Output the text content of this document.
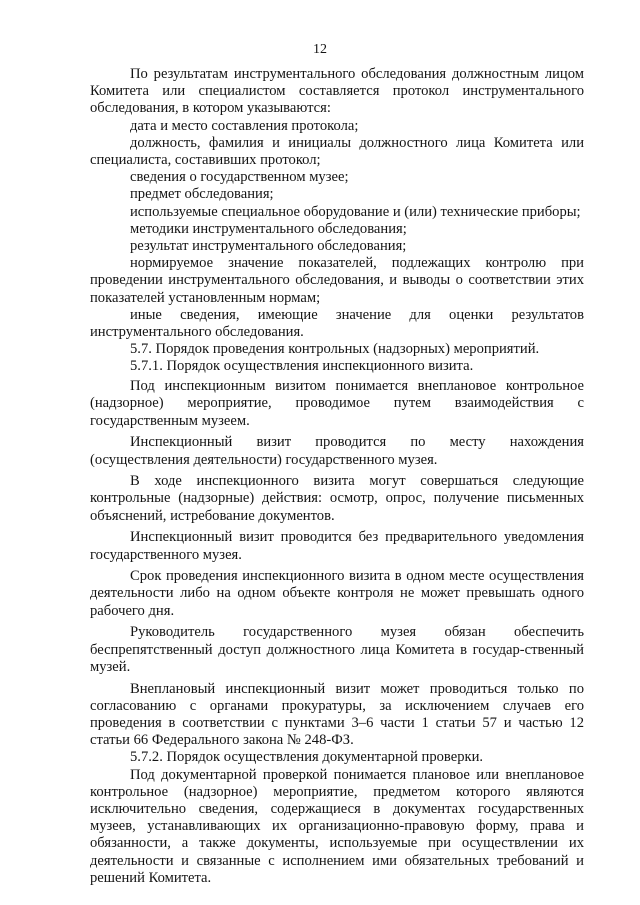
12

По результатам инструментального обследования должностным лицом Комитета или специалистом составляется протокол инструментального обследования, в котором указываются:

дата и место составления протокола;

должность, фамилия и инициалы должностного лица Комитета или специалиста, составивших протокол;

сведения о государственном музее;

предмет обследования;

используемые специальное оборудование и (или) технические приборы;

методики инструментального обследования;

результат инструментального обследования;

нормируемое значение показателей, подлежащих контролю при проведении инструментального обследования, и выводы о соответствии этих показателей установленным нормам;

иные сведения, имеющие значение для оценки результатов инструментального обследования.

5.7. Порядок проведения контрольных (надзорных) мероприятий.

5.7.1. Порядок осуществления инспекционного визита.

Под инспекционным визитом понимается внеплановое контрольное (надзорное) мероприятие, проводимое путем взаимодействия с государственным музеем.

Инспекционный визит проводится по месту нахождения (осуществления деятельности) государственного музея.

В ходе инспекционного визита могут совершаться следующие контрольные (надзорные) действия: осмотр, опрос, получение письменных объяснений, истребование документов.

Инспекционный визит проводится без предварительного уведомления государственного музея.

Срок проведения инспекционного визита в одном месте осуществления деятельности либо на одном объекте контроля не может превышать одного рабочего дня.

Руководитель государственного музея обязан обеспечить беспрепятственный доступ должностного лица Комитета в государ-ственный музей.

Внеплановый инспекционный визит может проводиться только по согласованию с органами прокуратуры, за исключением случаев его проведения в соответствии с пунктами 3–6 части 1 статьи 57 и частью 12 статьи 66 Федерального закона № 248-ФЗ.

5.7.2. Порядок осуществления документарной проверки.

Под документарной проверкой понимается плановое или внеплановое контрольное (надзорное) мероприятие, предметом которого являются исключительно сведения, содержащиеся в документах государственных музеев, устанавливающих их организационно-правовую форму, права и обязанности, а также документы, используемые при осуществлении их деятельности и связанные с исполнением ими обязательных требований и решений Комитета.
